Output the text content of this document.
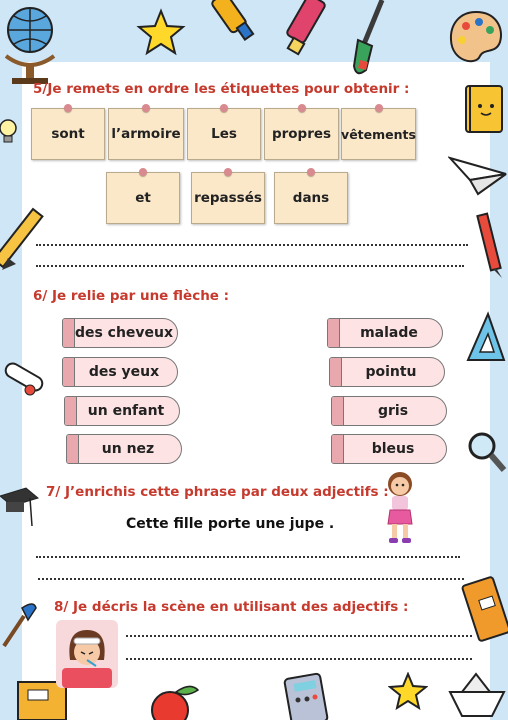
5/Je remets en ordre les étiquettes pour obtenir :
sont l’armoire Les	propres vêtements
et	repassés dans
6/ Je relie par une flèche :
des cheveux
des yeux
un enfant
un nez
malade
pointu
gris
bleus
7/ J’enrichis cette phrase par deux adjectifs :
Cette fille porte une jupe .
8/ Je décris la scène en utilisant des adjectifs :
